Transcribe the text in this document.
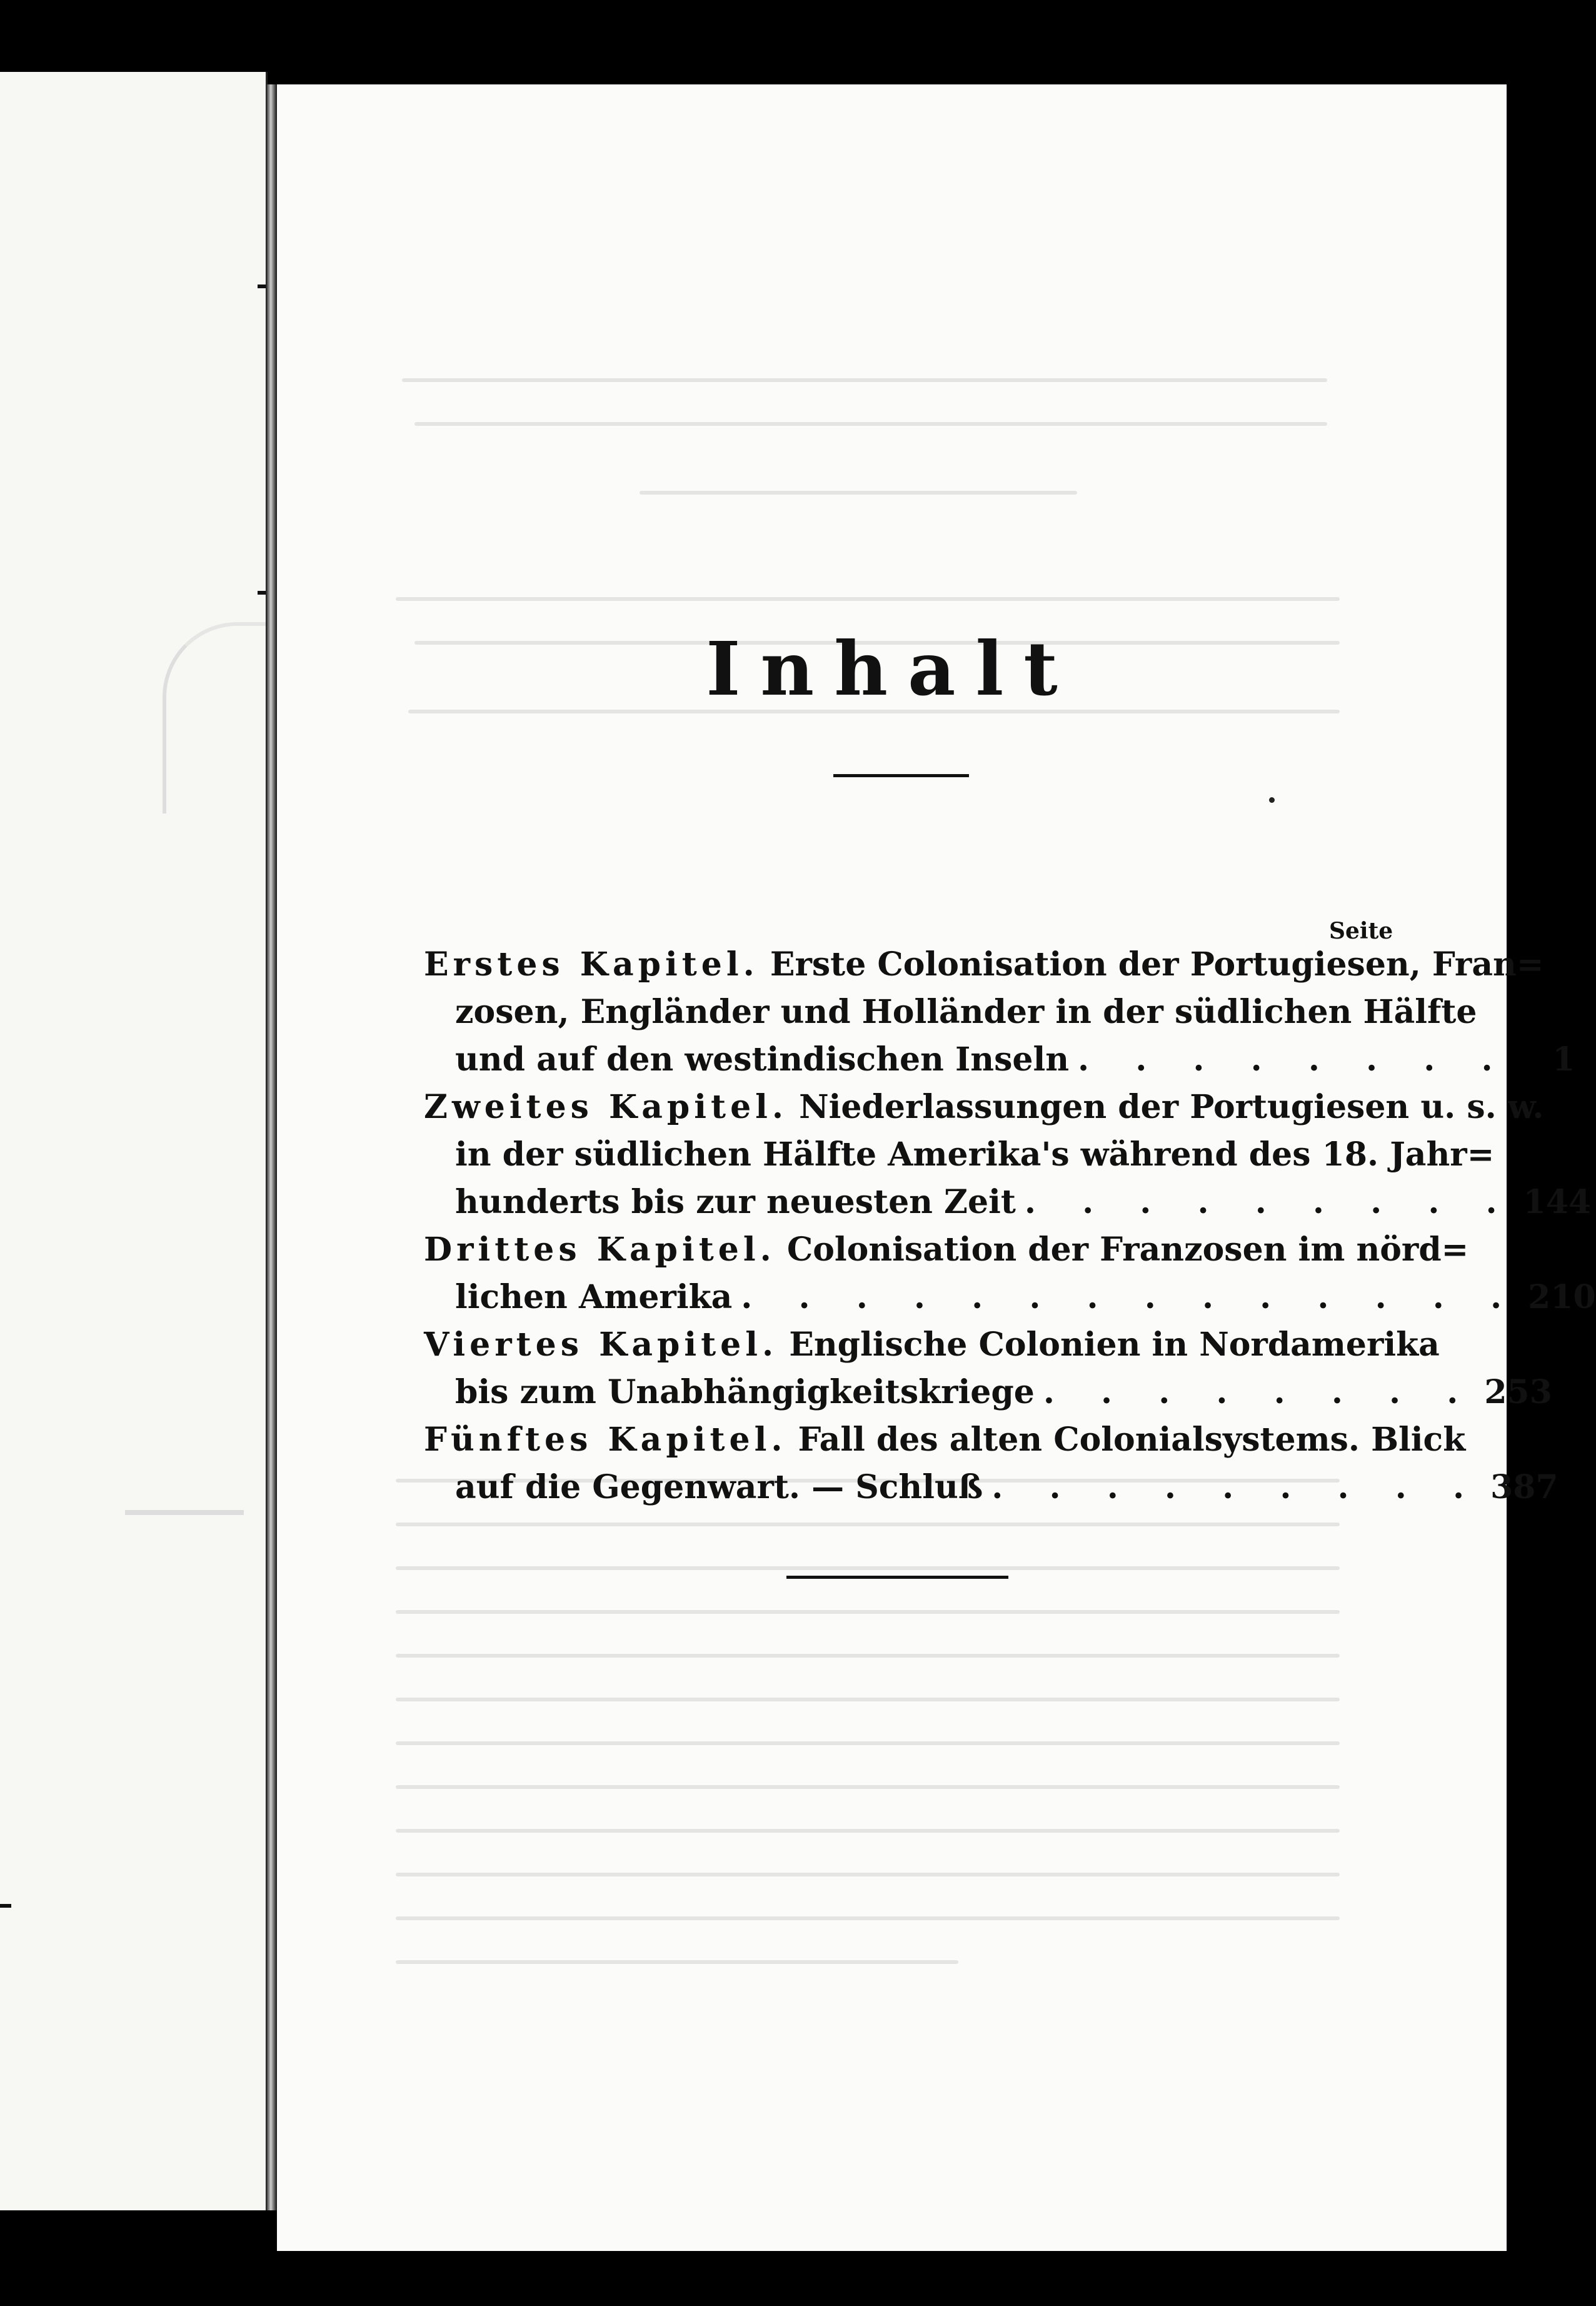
Inhalt
Seite
Erstes Kapitel. Erste Colonisation der Portugiesen, Fran=
zosen, Engländer und Holländer in der südlichen Hälfte
und auf den westindischen Inseln . . . . . . . .	1
Zweites Kapitel. Niederlassungen der Portugiesen u. s. w.
in der südlichen Hälfte Amerika's während des 18. Jahr=
hunderts bis zur neuesten Zeit . . . . . . . . . 144
Drittes Kapitel. Colonisation der Franzosen im nörd=
lichen Amerika . . . . . . . . . . . . . . 210
Viertes Kapitel. Englische Colonien in Nordamerika
bis zum Unabhängigkeitskriege . . . . . . . . 253
Fünftes Kapitel. Fall des alten Colonialsystems. Blick
auf die Gegenwart. — Schluß . . . . . . . . . 387
